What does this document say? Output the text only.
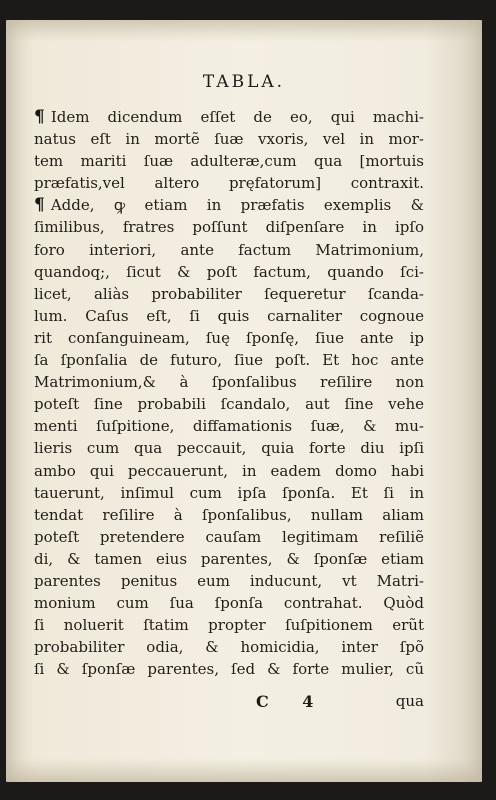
TABLA.
¶ Idem dicendum eſſet de eo, qui machi-
natus eſt in mortẽ ſuæ vxoris, vel in mor-
tem mariti ſuæ adulteræ,cum qua [mortuis
præfatis,vel altero pręfatorum] contraxit.
¶ Adde, ꝙ etiam in præfatis exemplis &
ſimilibus, fratres poſſunt diſpenſare in ipſo
foro interiori, ante factum Matrimonium,
quandoq;, ſicut & poſt factum, quando ſci-
licet, aliàs probabiliter ſequeretur ſcanda-
lum. Caſus eſt, ſi quis carnaliter cognoue
rit conſanguineam, ſuę ſponſę, ſiue ante ip
ſa ſponſalia de futuro, ſiue poſt. Et hoc ante
Matrimonium,& à ſponſalibus reſilire non
poteſt ſine probabili ſcandalo, aut ſine vehe
menti ſuſpitione, diffamationis ſuæ, & mu-
lieris cum qua peccauit, quia forte diu ipſi
ambo qui peccauerunt, in eadem domo habi
tauerunt, inſimul cum ipſa ſponſa. Et ſi in
tendat reſilire à ſponſalibus, nullam aliam
poteſt pretendere cauſam legitimam reſiliẽ
di, & tamen eius parentes, & ſponſæ etiam
parentes penitus eum inducunt, vt Matri-
monium cum ſua ſponſa contrahat. Quòd
ſi noluerit ſtatim propter ſuſpitionem erũt
probabiliter odia, & homicidia, inter ſpõ
ſi & ſponſæ parentes, ſed & forte mulier, cũ
C 4	qua
